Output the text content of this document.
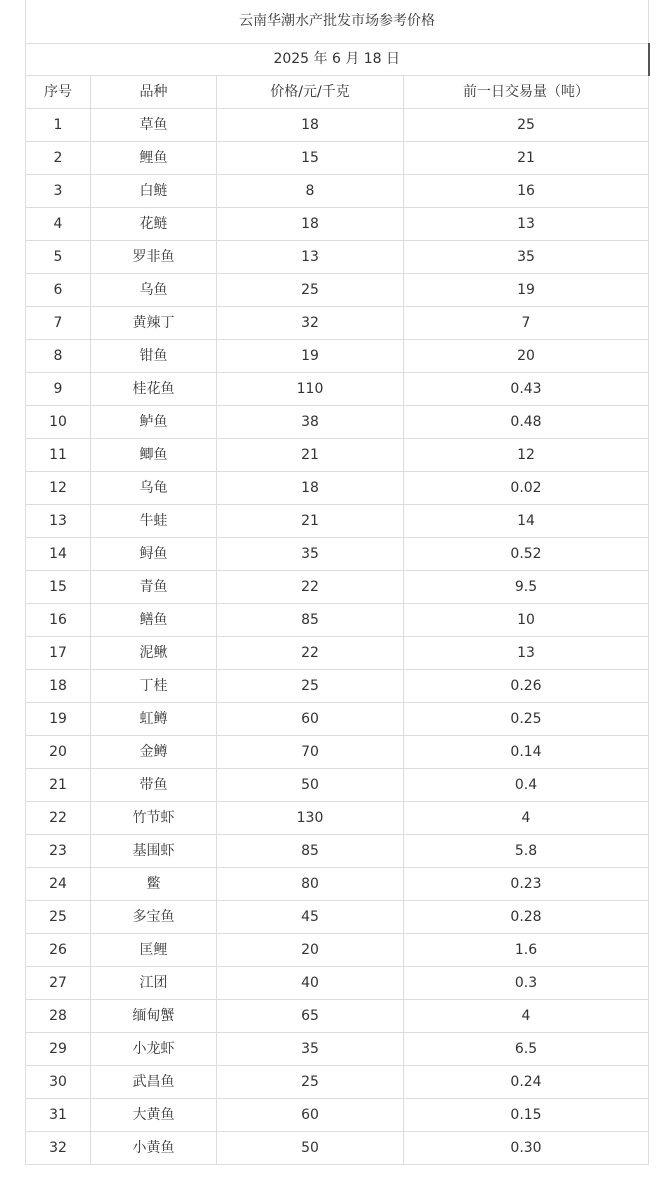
云南华潮水产批发市场参考价格			
2025 年 6 月 18 日			
序号	品种	价格/元/千克	前一日交易量（吨）
1	草鱼	18	25
2	鲤鱼	15	21
3	白鲢	8	16
4	花鲢	18	13
5	罗非鱼	13	35
6	乌鱼	25	19
7	黄辣丁	32	7
8	钳鱼	19	20
9	桂花鱼	110	0.43
10	鲈鱼	38	0.48
11	鲫鱼	21	12
12	乌龟	18	0.02
13	牛蛙	21	14
14	鲟鱼	35	0.52
15	青鱼	22	9.5
16	鳝鱼	85	10
17	泥鳅	22	13
18	丁桂	25	0.26
19	虹鳟	60	0.25
20	金鳟	70	0.14
21	带鱼	50	0.4
22	竹节虾	130	4
23	基围虾	85	5.8
24	鳖	80	0.23
25	多宝鱼	45	0.28
26	匡鲤	20	1.6
27	江团	40	0.3
28	缅甸蟹	65	4
29	小龙虾	35	6.5
30	武昌鱼	25	0.24
31	大黄鱼	60	0.15
32	小黄鱼	50	0.30
